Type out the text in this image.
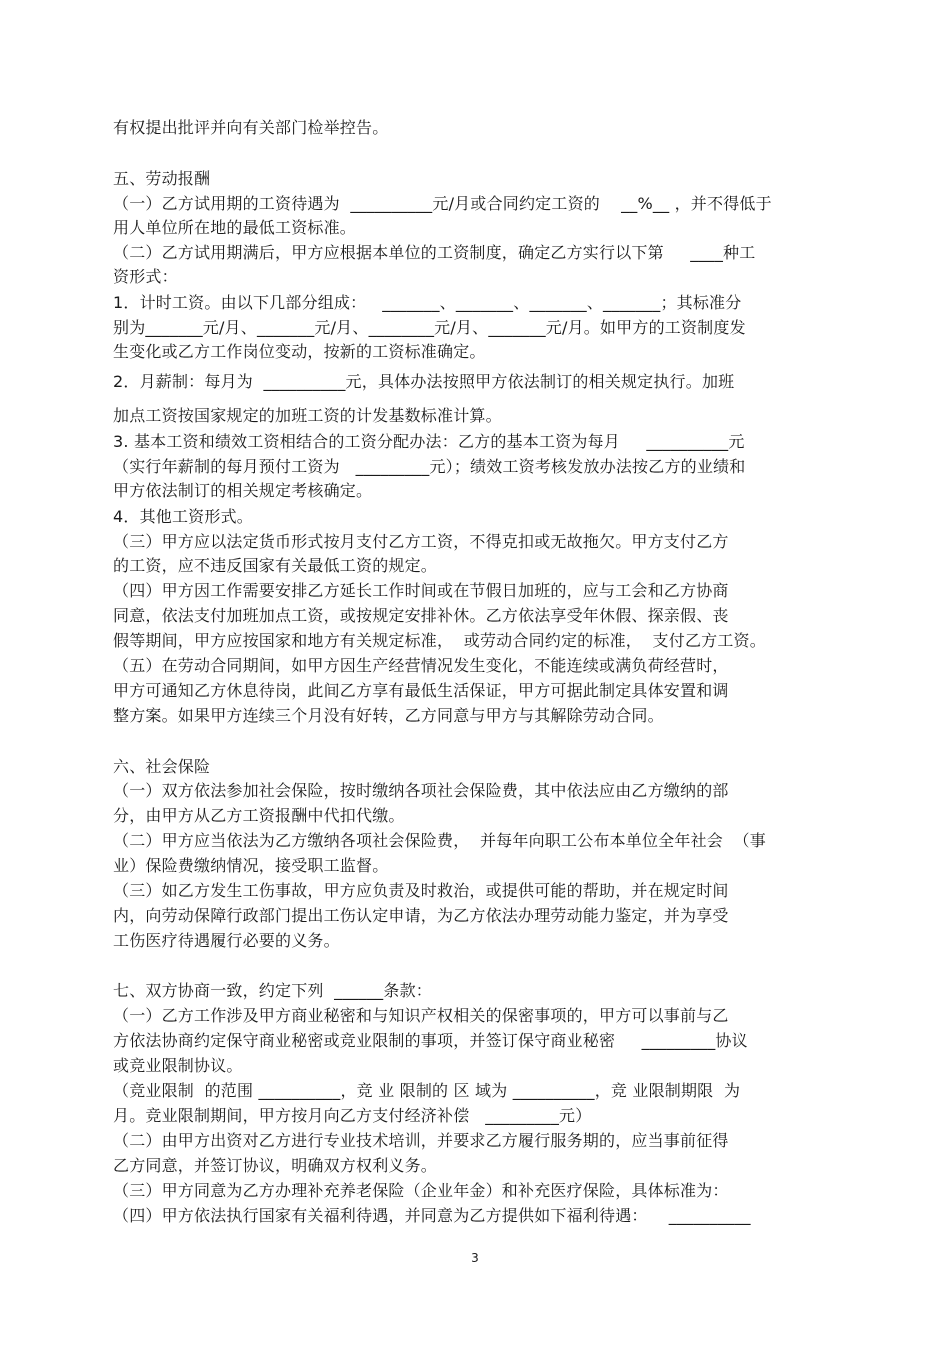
有权提出批评并向有关部门检举控告。
五、劳动报酬
（一）乙方试用期的工资待遇为  __________元/月或合同约定工资的    __%__ ，并不得低于
用人单位所在地的最低工资标准。
（二）乙方试用期满后，甲方应根据本单位的工资制度，确定乙方实行以下第     ____种工
资形式：
1．计时工资。由以下几部分组成：   _______、_______、_______、_______；其标准分
别为_______元/月、_______元/月、________元/月、_______元/月。如甲方的工资制度发
生变化或乙方工作岗位变动，按新的工资标准确定。
2．月薪制：每月为  __________元，具体办法按照甲方依法制订的相关规定执行。加班
加点工资按国家规定的加班工资的计发基数标准计算。
3. 基本工资和绩效工资相结合的工资分配办法：乙方的基本工资为每月     __________元
（实行年薪制的每月预付工资为   _________元）；绩效工资考核发放办法按乙方的业绩和
甲方依法制订的相关规定考核确定。
4．其他工资形式。
（三）甲方应以法定货币形式按月支付乙方工资，不得克扣或无故拖欠。甲方支付乙方
的工资，应不违反国家有关最低工资的规定。
（四）甲方因工作需要安排乙方延长工作时间或在节假日加班的，应与工会和乙方协商
同意，依法支付加班加点工资，或按规定安排补休。乙方依法享受年休假、探亲假、丧
假等期间，甲方应按国家和地方有关规定标准，  或劳动合同约定的标准，  支付乙方工资。
（五）在劳动合同期间，如甲方因生产经营情况发生变化，不能连续或满负荷经营时，
甲方可通知乙方休息待岗，此间乙方享有最低生活保证，甲方可据此制定具体安置和调
整方案。如果甲方连续三个月没有好转，乙方同意与甲方与其解除劳动合同。
六、社会保险
（一）双方依法参加社会保险，按时缴纳各项社会保险费，其中依法应由乙方缴纳的部
分，由甲方从乙方工资报酬中代扣代缴。
（二）甲方应当依法为乙方缴纳各项社会保险费，  并每年向职工公布本单位全年社会  （事
业）保险费缴纳情况，接受职工监督。
（三）如乙方发生工伤事故，甲方应负责及时救治，或提供可能的帮助，并在规定时间
内，向劳动保障行政部门提出工伤认定申请，为乙方依法办理劳动能力鉴定，并为享受
工伤医疗待遇履行必要的义务。
七、双方协商一致，约定下列  ______条款：
（一）乙方工作涉及甲方商业秘密和与知识产权相关的保密事项的，甲方可以事前与乙
方依法协商约定保守商业秘密或竞业限制的事项，并签订保守商业秘密     _________协议
或竞业限制协议。
（竞业限制  的范围 __________，竞 业 限制的 区 域为 __________，竞 业限制期限  为
月。竞业限制期间，甲方按月向乙方支付经济补偿   _________元）
（二）由甲方出资对乙方进行专业技术培训，并要求乙方履行服务期的，应当事前征得
乙方同意，并签订协议，明确双方权利义务。
（三）甲方同意为乙方办理补充养老保险（企业年金）和补充医疗保险，具体标准为：
（四）甲方依法执行国家有关福利待遇，并同意为乙方提供如下福利待遇：    __________
3
